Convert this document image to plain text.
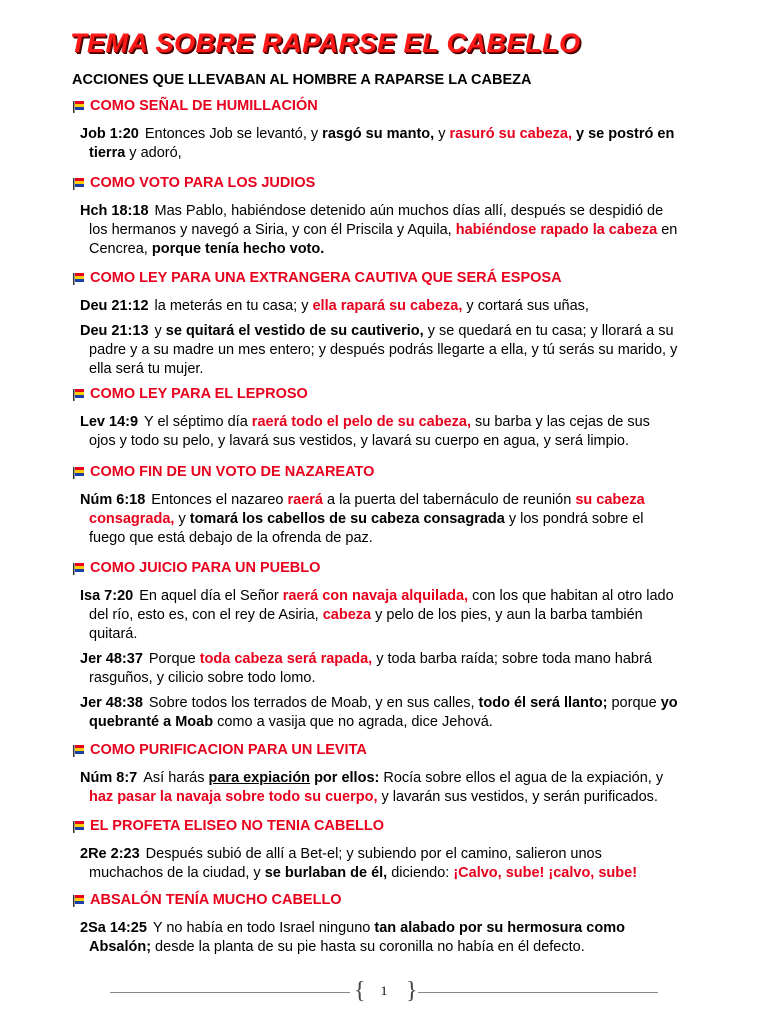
TEMA SOBRE RAPARSE EL CABELLO
ACCIONES QUE LLEVABAN AL HOMBRE A RAPARSE LA CABEZA
COMO SEÑAL DE HUMILLACIÓN
Job 1:20 Entonces Job se levantó, y rasgó su manto, y rasuró su cabeza, y se postró en tierra y adoró,
COMO VOTO PARA LOS JUDIOS
Hch 18:18 Mas Pablo, habiéndose detenido aún muchos días allí, después se despidió de los hermanos y navegó a Siria, y con él Priscila y Aquila, habiéndose rapado la cabeza en Cencrea, porque tenía hecho voto.
COMO LEY PARA UNA EXTRANGERA CAUTIVA QUE SERÁ ESPOSA
Deu 21:12 la meterás en tu casa; y ella rapará su cabeza, y cortará sus uñas,
Deu 21:13 y se quitará el vestido de su cautiverio, y se quedará en tu casa; y llorará a su padre y a su madre un mes entero; y después podrás llegarte a ella, y tú serás su marido, y ella será tu mujer.
COMO LEY PARA EL LEPROSO
Lev 14:9 Y el séptimo día raerá todo el pelo de su cabeza, su barba y las cejas de sus ojos y todo su pelo, y lavará sus vestidos, y lavará su cuerpo en agua, y será limpio.
COMO FIN DE UN VOTO DE NAZAREATO
Núm 6:18 Entonces el nazareo raerá a la puerta del tabernáculo de reunión su cabeza consagrada, y tomará los cabellos de su cabeza consagrada y los pondrá sobre el fuego que está debajo de la ofrenda de paz.
COMO JUICIO PARA UN PUEBLO
Isa 7:20 En aquel día el Señor raerá con navaja alquilada, con los que habitan al otro lado del río, esto es, con el rey de Asiria, cabeza y pelo de los pies, y aun la barba también quitará.
Jer 48:37 Porque toda cabeza será rapada, y toda barba raída; sobre toda mano habrá rasguños, y cilicio sobre todo lomo.
Jer 48:38 Sobre todos los terrados de Moab, y en sus calles, todo él será llanto; porque yo quebranté a Moab como a vasija que no agrada, dice Jehová.
COMO PURIFICACION PARA UN LEVITA
Núm 8:7 Así harás para expiación por ellos: Rocía sobre ellos el agua de la expiación, y haz pasar la navaja sobre todo su cuerpo, y lavarán sus vestidos, y serán purificados.
EL PROFETA ELISEO NO TENIA CABELLO
2Re 2:23 Después subió de allí a Bet-el; y subiendo por el camino, salieron unos muchachos de la ciudad, y se burlaban de él, diciendo: ¡Calvo, sube! ¡calvo, sube!
ABSALÓN TENÍA MUCHO CABELLO
2Sa 14:25 Y no había en todo Israel ninguno tan alabado por su hermosura como Absalón; desde la planta de su pie hasta su coronilla no había en él defecto.
{	1 }
